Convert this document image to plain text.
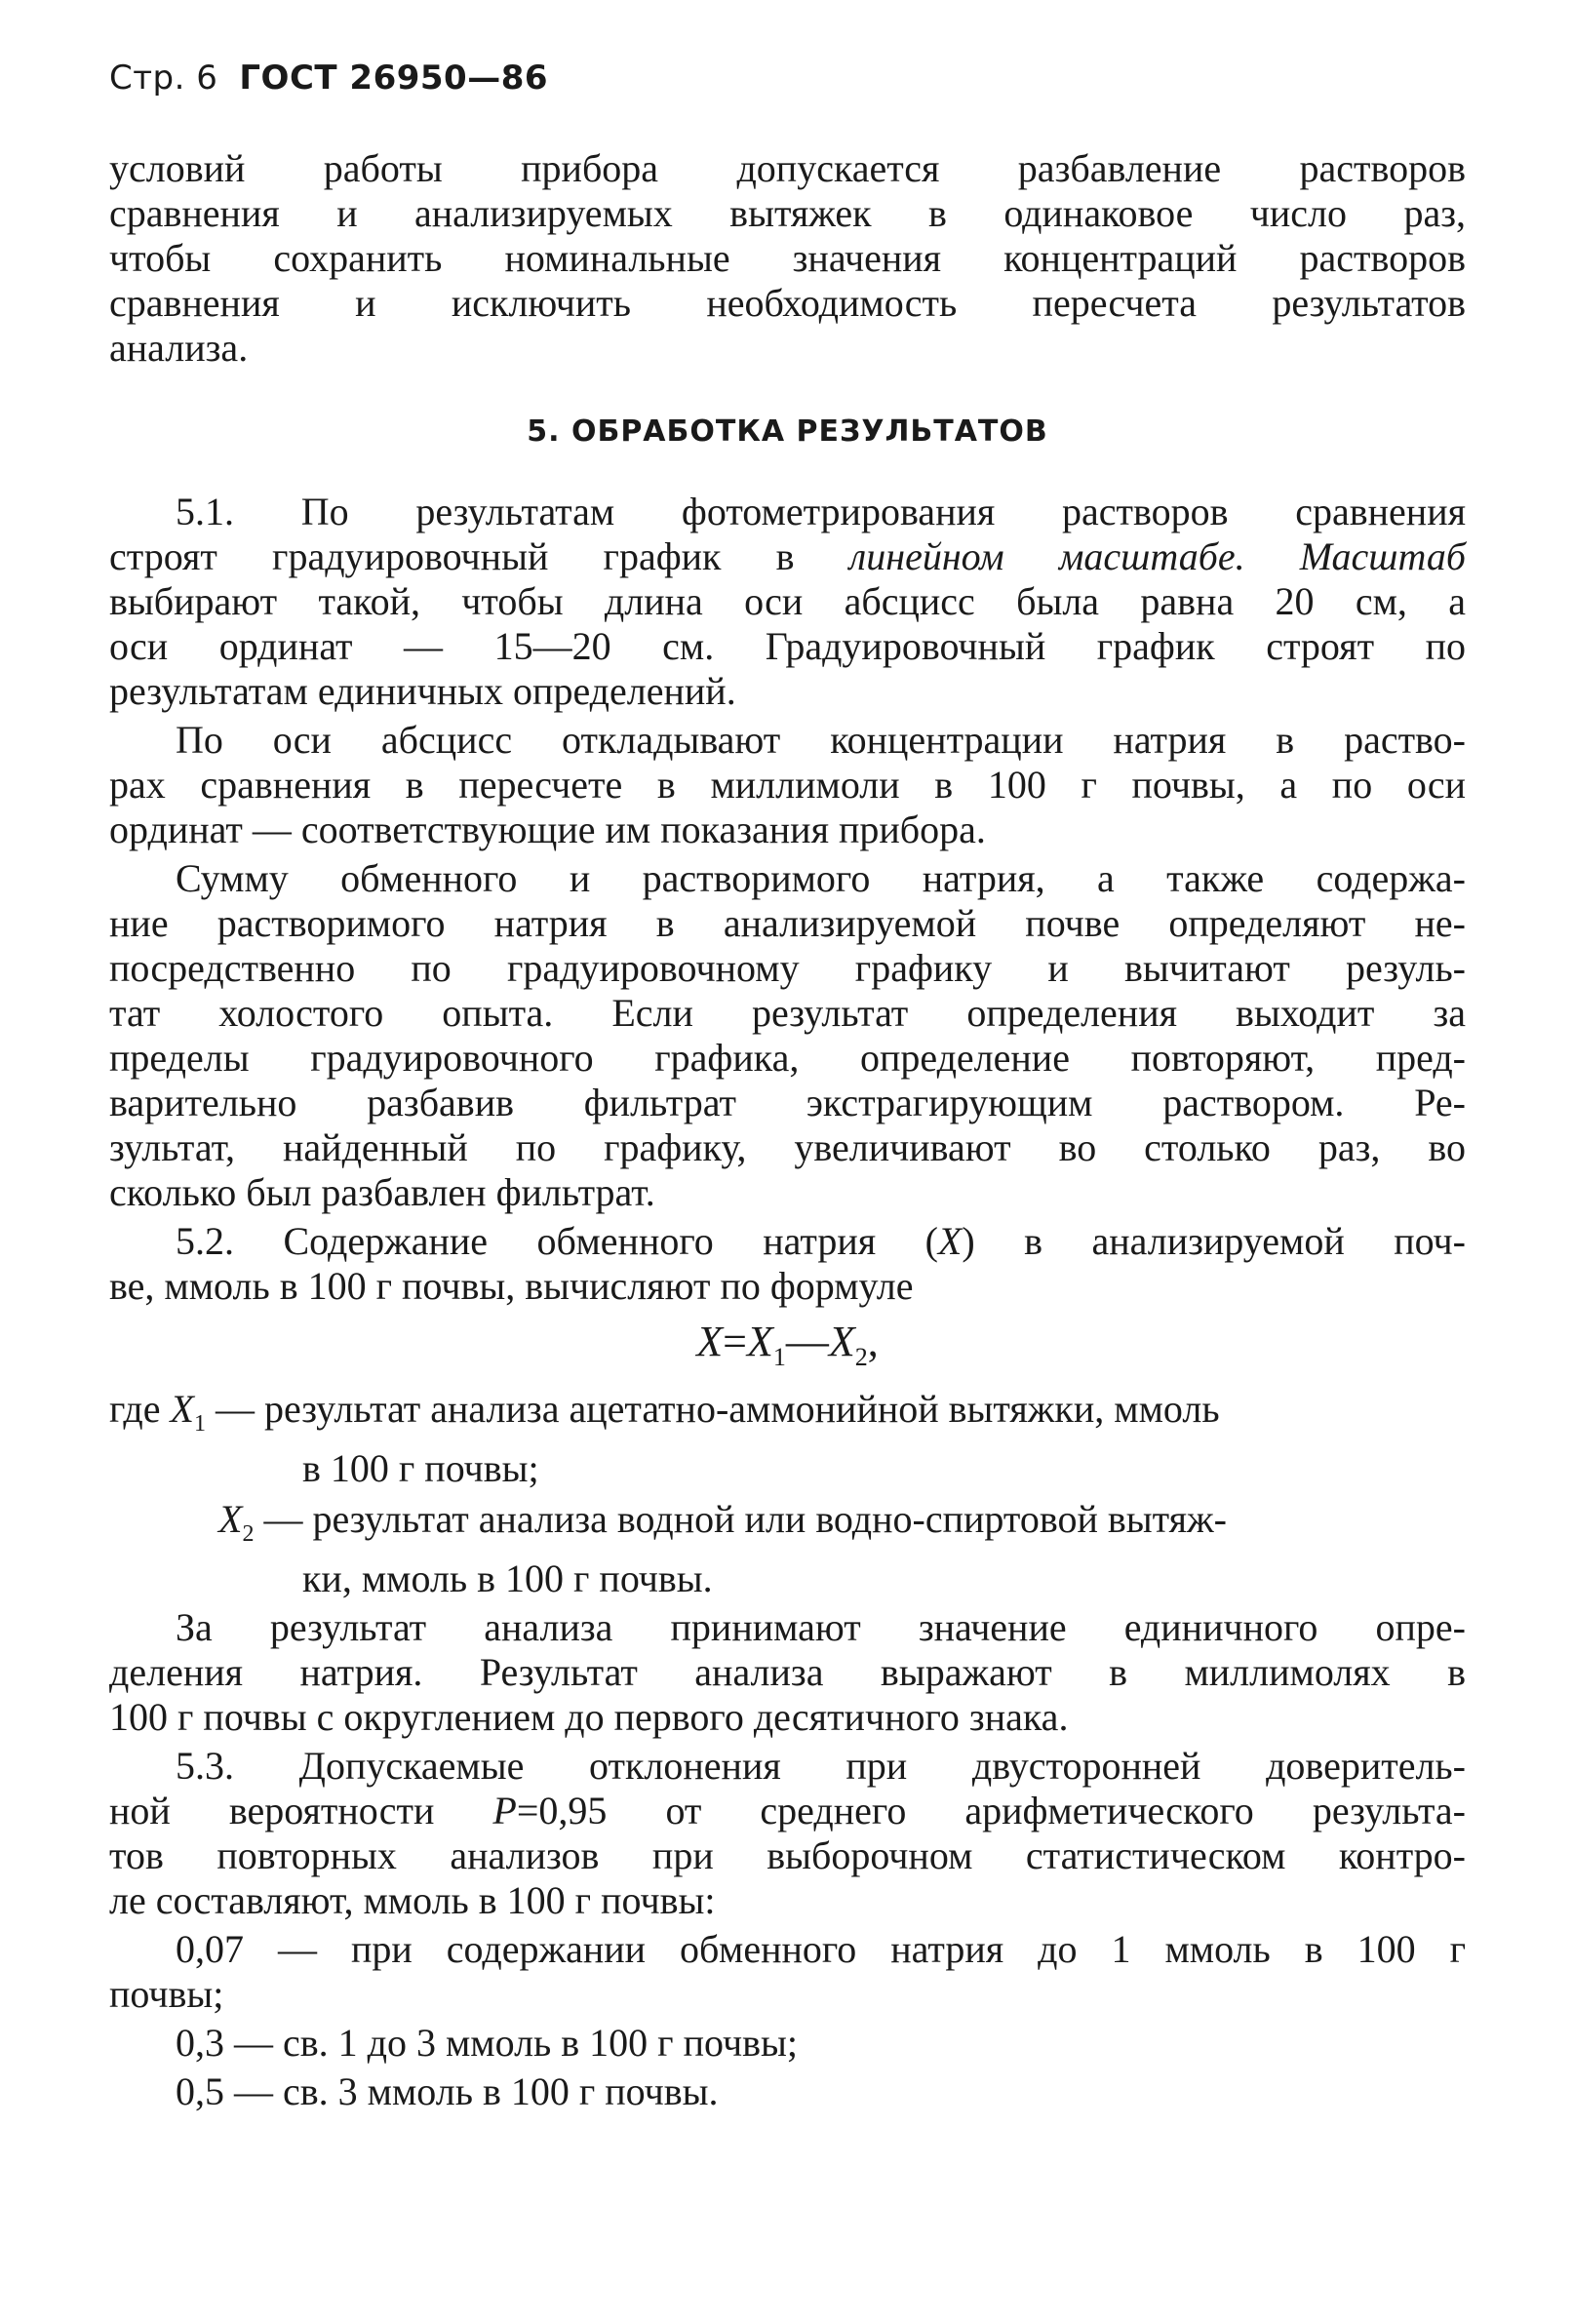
Стр. 6 ГОСТ 26950—86

условий работы прибора допускается разбавление растворов
сравнения и анализируемых вытяжек в одинаковое число раз,
чтобы сохранить номинальные значения концентраций растворов
сравнения и исключить необходимость пересчета результатов
анализа.

5. ОБРАБОТКА РЕЗУЛЬТАТОВ

5.1. По результатам фотометрирования растворов сравнения
строят градуировочный график в линейном масштабе. Масштаб
выбирают такой, чтобы длина оси абсцисс была равна 20 см, а
оси ординат — 15—20 см. Градуировочный график строят по
результатам единичных определений.

По оси абсцисс откладывают концентрации натрия в раство-
рах сравнения в пересчете в миллимоли в 100 г почвы, а по оси
ординат — соответствующие им показания прибора.

Сумму обменного и растворимого натрия, а также содержа-
ние растворимого натрия в анализируемой почве определяют не-
посредственно по градуировочному графику и вычитают резуль-
тат холостого опыта. Если результат определения выходит за
пределы градуировочного графика, определение повторяют, пред-
варительно разбавив фильтрат экстрагирующим раствором. Ре-
зультат, найденный по графику, увеличивают во столько раз, во
сколько был разбавлен фильтрат.

5.2. Содержание обменного натрия (X) в анализируемой поч-
ве, ммоль в 100 г почвы, вычисляют по формуле

$X=X_1—X_2$,
где $X_1$ — результат анализа ацетатно-аммонийной вытяжки, ммоль
в 100 г почвы;
$X_2$ — результат анализа водной или водно-спиртовой вытяж-
ки, ммоль в 100 г почвы.

За результат анализа принимают значение единичного опре-
деления натрия. Результат анализа выражают в миллимолях в
100 г почвы с округлением до первого десятичного знака.

5.3. Допускаемые отклонения при двусторонней доверитель-
ной вероятности P=0,95 от среднего арифметического результа-
тов повторных анализов при выборочном статистическом контро-
ле составляют, ммоль в 100 г почвы:

0,07 — при содержании обменного натрия до 1 ммоль в 100 г
почвы;

0,3 — св. 1 до 3 ммоль в 100 г почвы;

0,5 — св. 3 ммоль в 100 г почвы.
